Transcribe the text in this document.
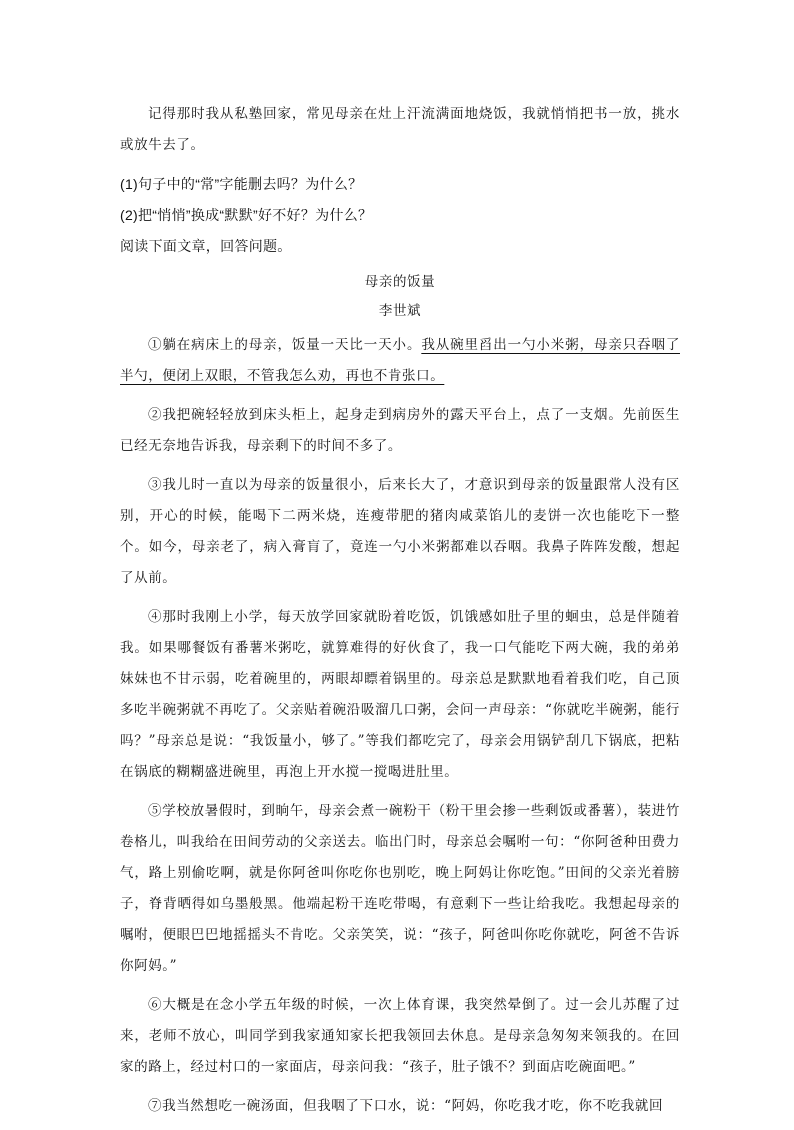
记得那时我从私塾回家，常见母亲在灶上汗流满面地烧饭，我就悄悄把书一放，挑水或放牛去了。

(1)句子中的“常”字能删去吗？为什么？

(2)把“悄悄”换成“默默”好不好？为什么？

阅读下面文章，回答问题。

母亲的饭量

李世斌

①躺在病床上的母亲，饭量一天比一天小。我从碗里舀出一勺小米粥，母亲只吞咽了半勺，便闭上双眼，不管我怎么劝，再也不肯张口。

②我把碗轻轻放到床头柜上，起身走到病房外的露天平台上，点了一支烟。先前医生已经无奈地告诉我，母亲剩下的时间不多了。

③我儿时一直以为母亲的饭量很小，后来长大了，才意识到母亲的饭量跟常人没有区别，开心的时候，能喝下二两米烧，连瘦带肥的猪肉咸菜馅儿的麦饼一次也能吃下一整个。如今，母亲老了，病入膏肓了，竟连一勺小米粥都难以吞咽。我鼻子阵阵发酸，想起了从前。

④那时我刚上小学，每天放学回家就盼着吃饭，饥饿感如肚子里的蛔虫，总是伴随着我。如果哪餐饭有番薯米粥吃，就算难得的好伙食了，我一口气能吃下两大碗，我的弟弟妹妹也不甘示弱，吃着碗里的，两眼却瞟着锅里的。母亲总是默默地看着我们吃，自己顶多吃半碗粥就不再吃了。父亲贴着碗沿吸溜几口粥，会问一声母亲：“你就吃半碗粥，能行吗？”母亲总是说：“我饭量小，够了。”等我们都吃完了，母亲会用锅铲刮几下锅底，把粘在锅底的糊糊盛进碗里，再泡上开水搅一搅喝进肚里。

⑤学校放暑假时，到晌午，母亲会煮一碗粉干（粉干里会掺一些剩饭或番薯），装进竹卷格儿，叫我给在田间劳动的父亲送去。临出门时，母亲总会嘱咐一句：“你阿爸种田费力气，路上别偷吃啊，就是你阿爸叫你吃你也别吃，晚上阿妈让你吃饱。”田间的父亲光着膀子，脊背晒得如乌墨般黑。他端起粉干连吃带喝，有意剩下一些让给我吃。我想起母亲的嘱咐，便眼巴巴地摇摇头不肯吃。父亲笑笑，说：“孩子，阿爸叫你吃你就吃，阿爸不告诉你阿妈。”

⑥大概是在念小学五年级的时候，一次上体育课，我突然晕倒了。过一会儿苏醒了过来，老师不放心，叫同学到我家通知家长把我领回去休息。是母亲急匆匆来领我的。在回家的路上，经过村口的一家面店，母亲问我：“孩子，肚子饿不？到面店吃碗面吧。”

⑦我当然想吃一碗汤面，但我咽了下口水，说：“阿妈，你吃我才吃，你不吃我就回
